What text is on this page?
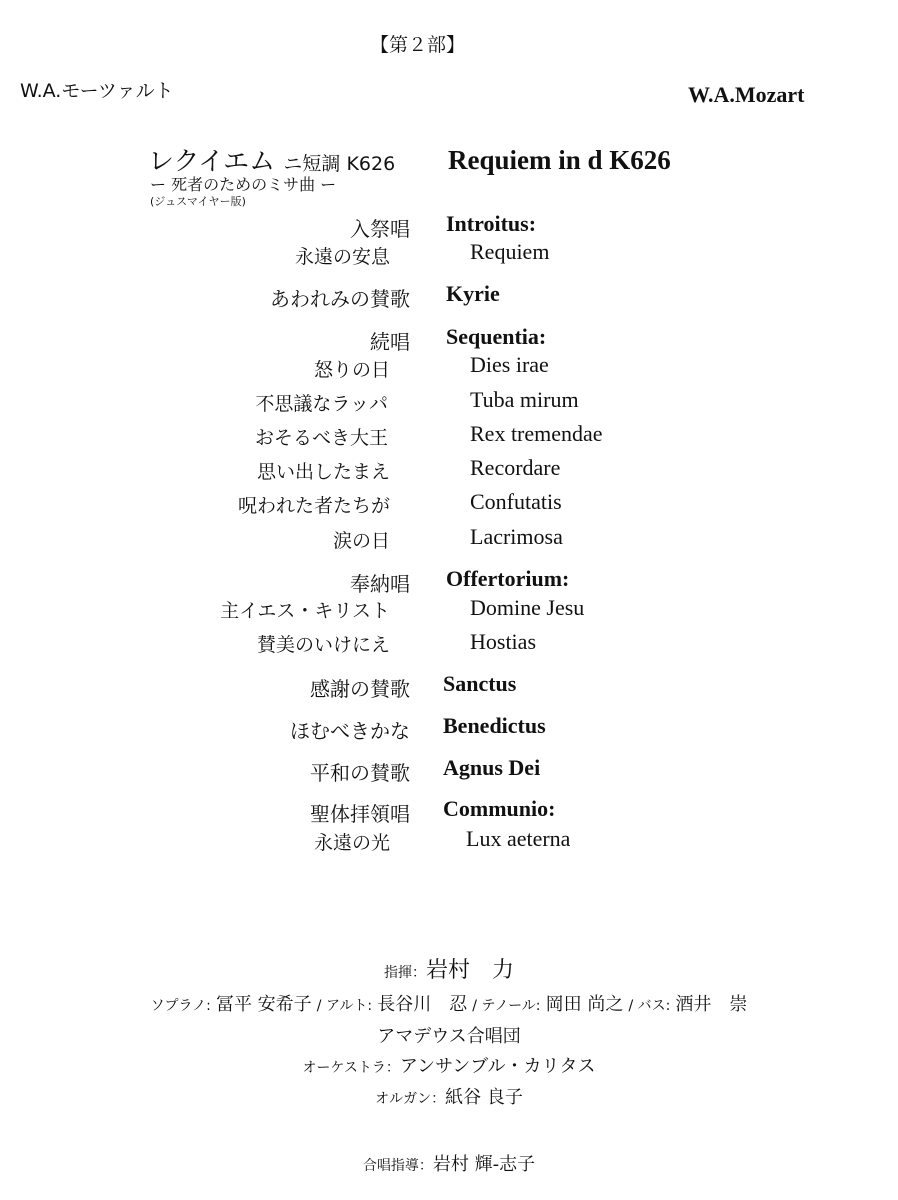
【第２部】
W.A.モーツァルト	W.A.Mozart
レクイエム ニ短調 K626
ー 死者のためのミサ曲 ー
(ジュスマイヤー版)
Requiem in d K626
入祭唱 Introitus:
永遠の安息	Requiem
あわれみの賛歌 Kyrie
続唱 Sequentia:
怒りの日	Dies irae
不思議なラッパ	Tuba mirum
おそるべき大王	Rex tremendae
思い出したまえ	Recordare
呪われた者たちが	Confutatis
涙の日	Lacrimosa
奉納唱 Offertorium:
主イエス・キリスト	Domine Jesu
賛美のいけにえ	Hostias
感謝の賛歌 Sanctus
ほむべきかな Benedictus
平和の賛歌 Agnus Dei
聖体拝領唱 Communio:
永遠の光	Lux aeterna
指揮：岩村　力
ソプラノ: 冨平 安希子 / アルト: 長谷川　忍 / テノール: 岡田 尚之 / バス: 酒井　崇
アマデウス合唱団
オーケストラ：アンサンブル・カリタス
オルガン：紙谷 良子
合唱指導：岩村 輝-志子
